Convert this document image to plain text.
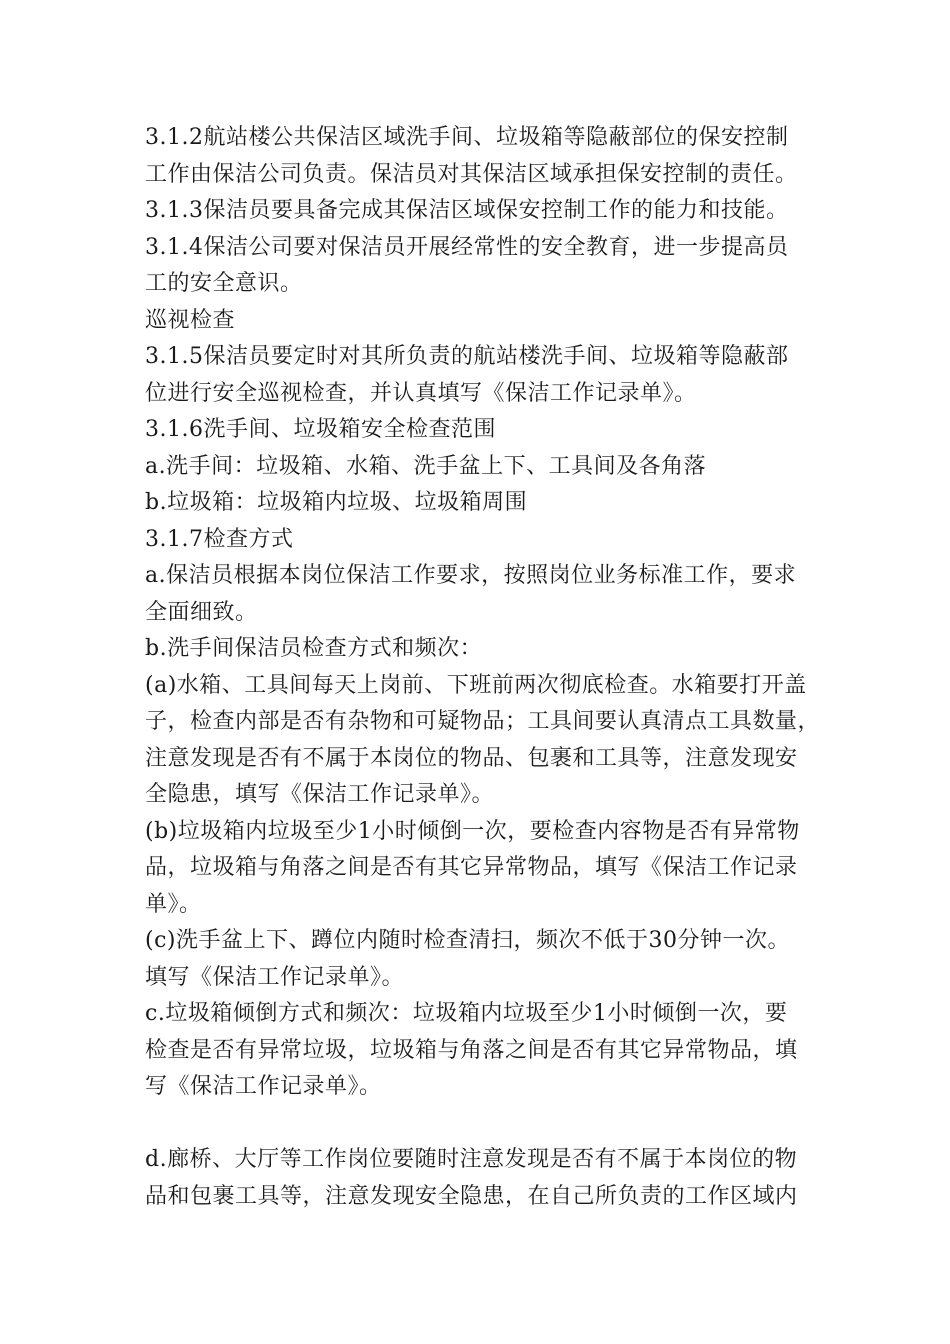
3.1.2航站楼公共保洁区域洗手间、垃圾箱等隐蔽部位的保安控制
工作由保洁公司负责。保洁员对其保洁区域承担保安控制的责任。
3.1.3保洁员要具备完成其保洁区域保安控制工作的能力和技能。
3.1.4保洁公司要对保洁员开展经常性的安全教育，进一步提高员
工的安全意识。
巡视检查
3.1.5保洁员要定时对其所负责的航站楼洗手间、垃圾箱等隐蔽部
位进行安全巡视检查，并认真填写《保洁工作记录单》。
3.1.6洗手间、垃圾箱安全检查范围
a.洗手间：垃圾箱、水箱、洗手盆上下、工具间及各角落
b.垃圾箱：垃圾箱内垃圾、垃圾箱周围
3.1.7检查方式
a.保洁员根据本岗位保洁工作要求，按照岗位业务标准工作，要求
全面细致。
b.洗手间保洁员检查方式和频次：
(a)水箱、工具间每天上岗前、下班前两次彻底检查。水箱要打开盖
子，检查内部是否有杂物和可疑物品；工具间要认真清点工具数量，
注意发现是否有不属于本岗位的物品、包裹和工具等，注意发现安
全隐患，填写《保洁工作记录单》。
(b)垃圾箱内垃圾至少1小时倾倒一次，要检查内容物是否有异常物
品，垃圾箱与角落之间是否有其它异常物品，填写《保洁工作记录
单》。
(c)洗手盆上下、蹲位内随时检查清扫，频次不低于30分钟一次。
填写《保洁工作记录单》。
c.垃圾箱倾倒方式和频次：垃圾箱内垃圾至少1小时倾倒一次，要
检查是否有异常垃圾，垃圾箱与角落之间是否有其它异常物品，填
写《保洁工作记录单》。
d.廊桥、大厅等工作岗位要随时注意发现是否有不属于本岗位的物
品和包裹工具等，注意发现安全隐患，在自己所负责的工作区域内
